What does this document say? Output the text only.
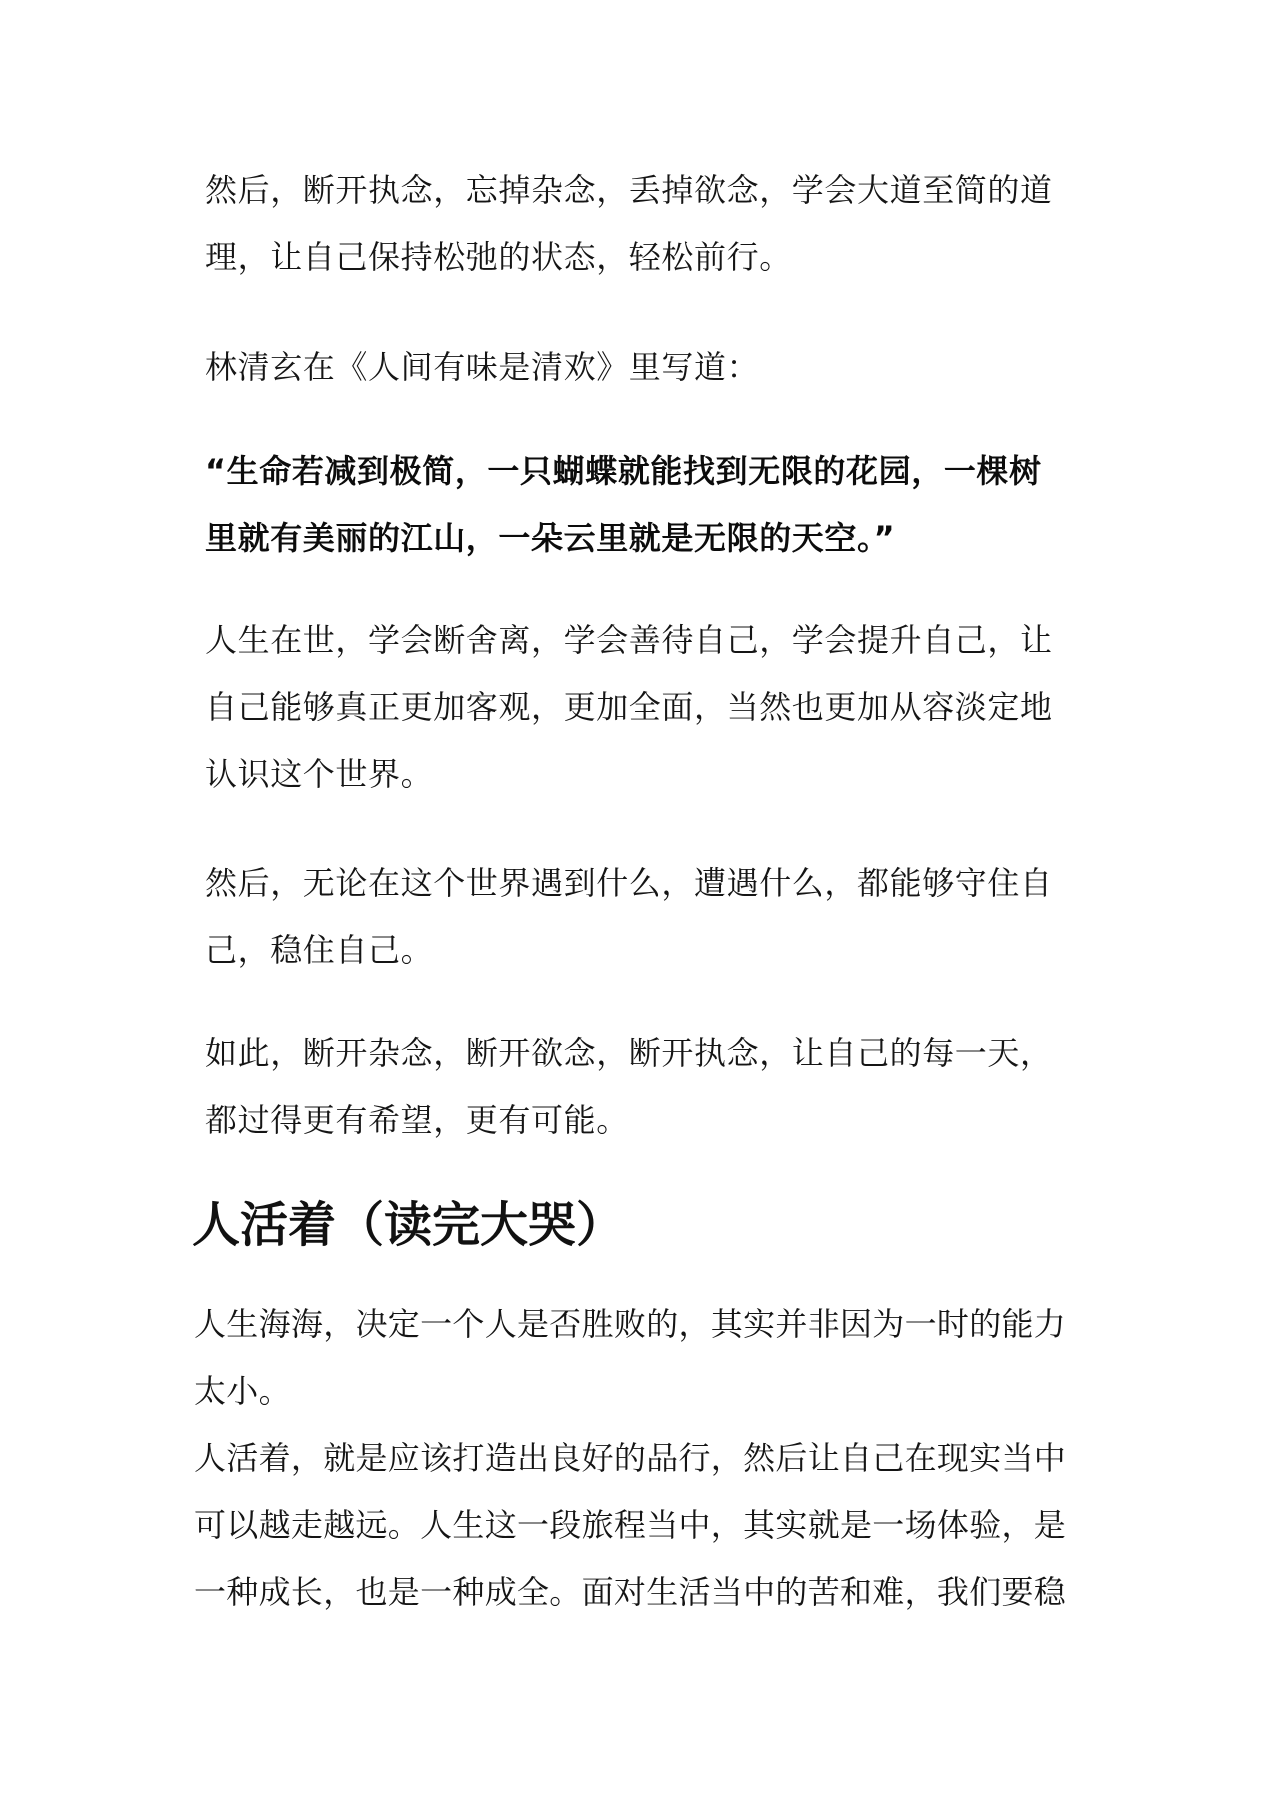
然后，断开执念，忘掉杂念，丢掉欲念，学会大道至简的道
理，让自己保持松弛的状态，轻松前行。
林清玄在《人间有味是清欢》里写道：
“生命若减到极简，一只蝴蝶就能找到无限的花园，一棵树
里就有美丽的江山，一朵云里就是无限的天空。”
人生在世，学会断舍离，学会善待自己，学会提升自己，让
自己能够真正更加客观，更加全面，当然也更加从容淡定地
认识这个世界。
然后，无论在这个世界遇到什么，遭遇什么，都能够守住自
己，稳住自己。
如此，断开杂念，断开欲念，断开执念，让自己的每一天，
都过得更有希望，更有可能。
人活着（读完大哭）
人生海海，决定一个人是否胜败的，其实并非因为一时的能力
太小。
人活着，就是应该打造出良好的品行，然后让自己在现实当中
可以越走越远。人生这一段旅程当中，其实就是一场体验，是
一种成长，也是一种成全。面对生活当中的苦和难，我们要稳
